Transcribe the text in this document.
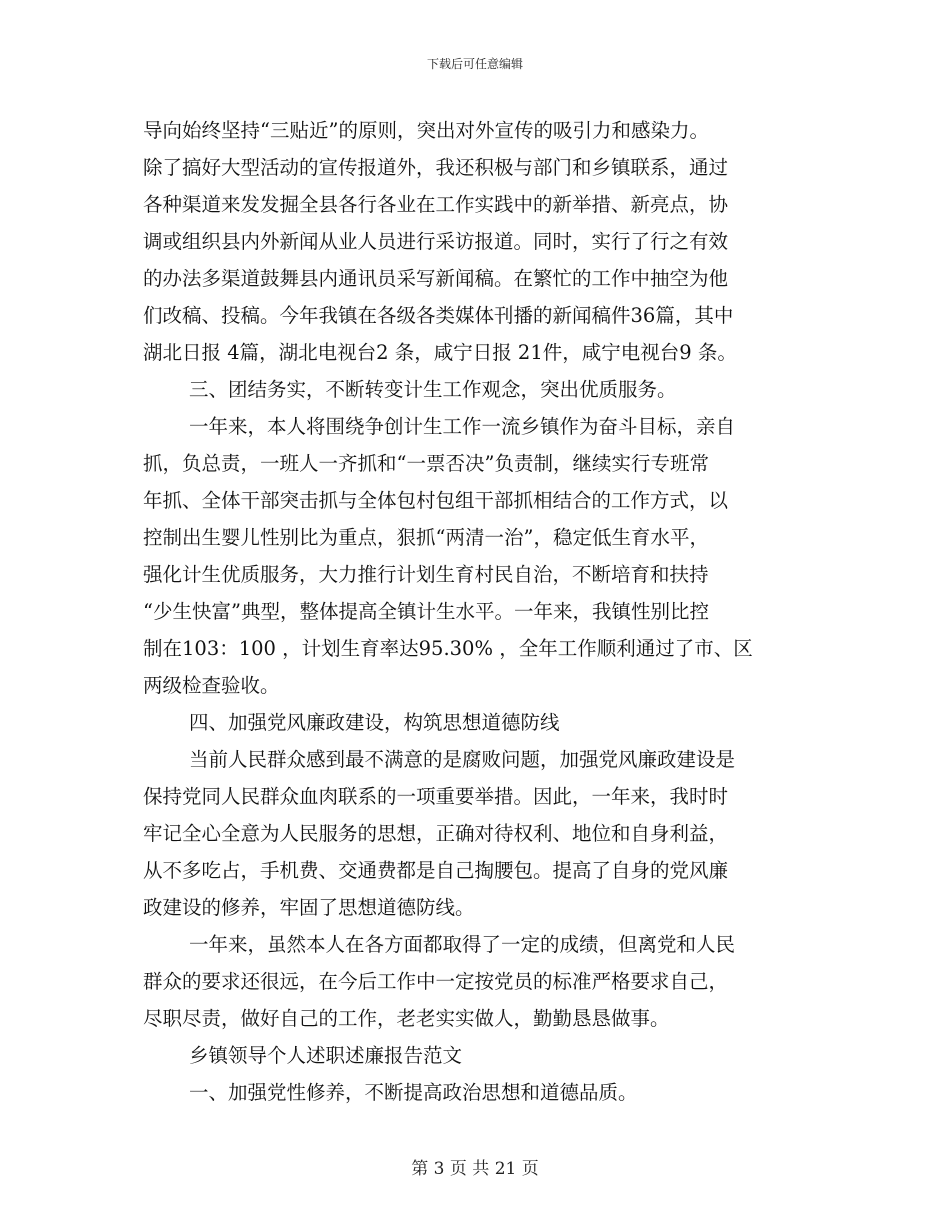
下载后可任意编辑
导向始终坚持“三贴近”的原则，突出对外宣传的吸引力和感染力。
除了搞好大型活动的宣传报道外，我还积极与部门和乡镇联系，通过
各种渠道来发发掘全县各行各业在工作实践中的新举措、新亮点，协
调或组织县内外新闻从业人员进行采访报道。同时，实行了行之有效
的办法多渠道鼓舞县内通讯员采写新闻稿。在繁忙的工作中抽空为他
们改稿、投稿。今年我镇在各级各类媒体刊播的新闻稿件36篇，其中
湖北日报 4篇，湖北电视台2 条，咸宁日报 21件，咸宁电视台9 条。
三、团结务实，不断转变计生工作观念，突出优质服务。
一年来，本人将围绕争创计生工作一流乡镇作为奋斗目标，亲自
抓，负总责，一班人一齐抓和“一票否决”负责制，继续实行专班常
年抓、全体干部突击抓与全体包村包组干部抓相结合的工作方式，以
控制出生婴儿性别比为重点，狠抓“两清一治”，稳定低生育水平，
强化计生优质服务，大力推行计划生育村民自治，不断培育和扶持
“少生快富”典型，整体提高全镇计生水平。一年来，我镇性别比控
制在103：100 ，计划生育率达95.30% ，全年工作顺利通过了市、区
两级检查验收。
四、加强党风廉政建设，构筑思想道德防线
当前人民群众感到最不满意的是腐败问题，加强党风廉政建设是
保持党同人民群众血肉联系的一项重要举措。因此，一年来，我时时
牢记全心全意为人民服务的思想，正确对待权利、地位和自身利益，
从不多吃占，手机费、交通费都是自己掏腰包。提高了自身的党风廉
政建设的修养，牢固了思想道德防线。
一年来，虽然本人在各方面都取得了一定的成绩，但离党和人民
群众的要求还很远，在今后工作中一定按党员的标准严格要求自己，
尽职尽责，做好自己的工作，老老实实做人，勤勤恳恳做事。
乡镇领导个人述职述廉报告范文
一、加强党性修养，不断提高政治思想和道德品质。
第 3 页 共 21 页
